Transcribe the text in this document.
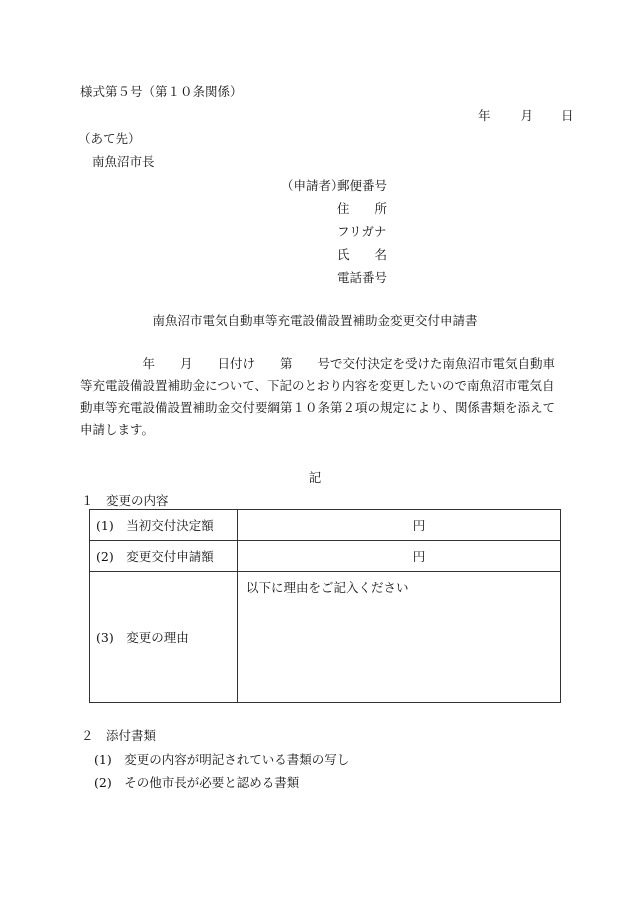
様式第５号（第１０条関係）
年 月 日
（あて先）
南魚沼市長
（申請者）
郵便番号
住　　所
フリガナ
氏　　名
電話番号
南魚沼市電気自動車等充電設備設置補助金変更交付申請書

　　　　　年　　月　　日付け　　第　　号で交付決定を受けた南魚沼市電気自動車

等充電設備設置補助金について、下記のとおり内容を変更したいので南魚沼市電気自

動車等充電設備設置補助金交付要綱第１０条第２項の規定により、関係書類を添えて

申請します。

記
１　変更の内容
(1)　当初交付決定額	円
(2)　変更交付申請額	円
(3)　変更の理由	以下に理由をご記入ください
２　添付書類
(1)　変更の内容が明記されている書類の写し
(2)　その他市長が必要と認める書類
